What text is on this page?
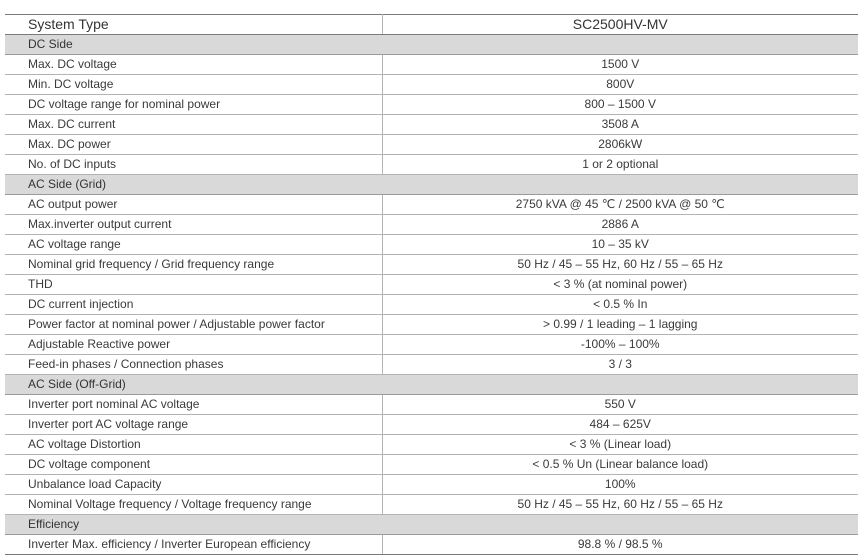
System Type	SC2500HV-MV
DC Side	
Max. DC voltage	1500 V
Min. DC voltage	800V
DC voltage range for nominal power	800 – 1500 V
Max. DC current	3508 A
Max. DC power	2806kW
No. of DC inputs	1 or 2 optional
AC Side (Grid)	
AC output power	2750 kVA @ 45 ℃ / 2500 kVA @ 50 ℃
Max.inverter output current	2886 A
AC voltage range	10 – 35 kV
Nominal grid frequency / Grid frequency range	50 Hz / 45 – 55 Hz, 60 Hz / 55 – 65 Hz
THD	< 3 % (at nominal power)
DC current injection	< 0.5 % In
Power factor at nominal power / Adjustable power factor	> 0.99 / 1 leading – 1 lagging
Adjustable Reactive power	-100% – 100%
Feed-in phases / Connection phases	3 / 3
AC Side (Off-Grid)	
Inverter port nominal AC voltage	550 V
Inverter port AC voltage range	484 – 625V
AC voltage Distortion	< 3 % (Linear load)
DC voltage component	< 0.5 % Un (Linear balance load)
Unbalance load Capacity	100%
Nominal Voltage frequency / Voltage frequency range	50 Hz / 45 – 55 Hz, 60 Hz / 55 – 65 Hz
Efficiency	
Inverter Max. efficiency / Inverter European efficiency	98.8 % / 98.5 %
